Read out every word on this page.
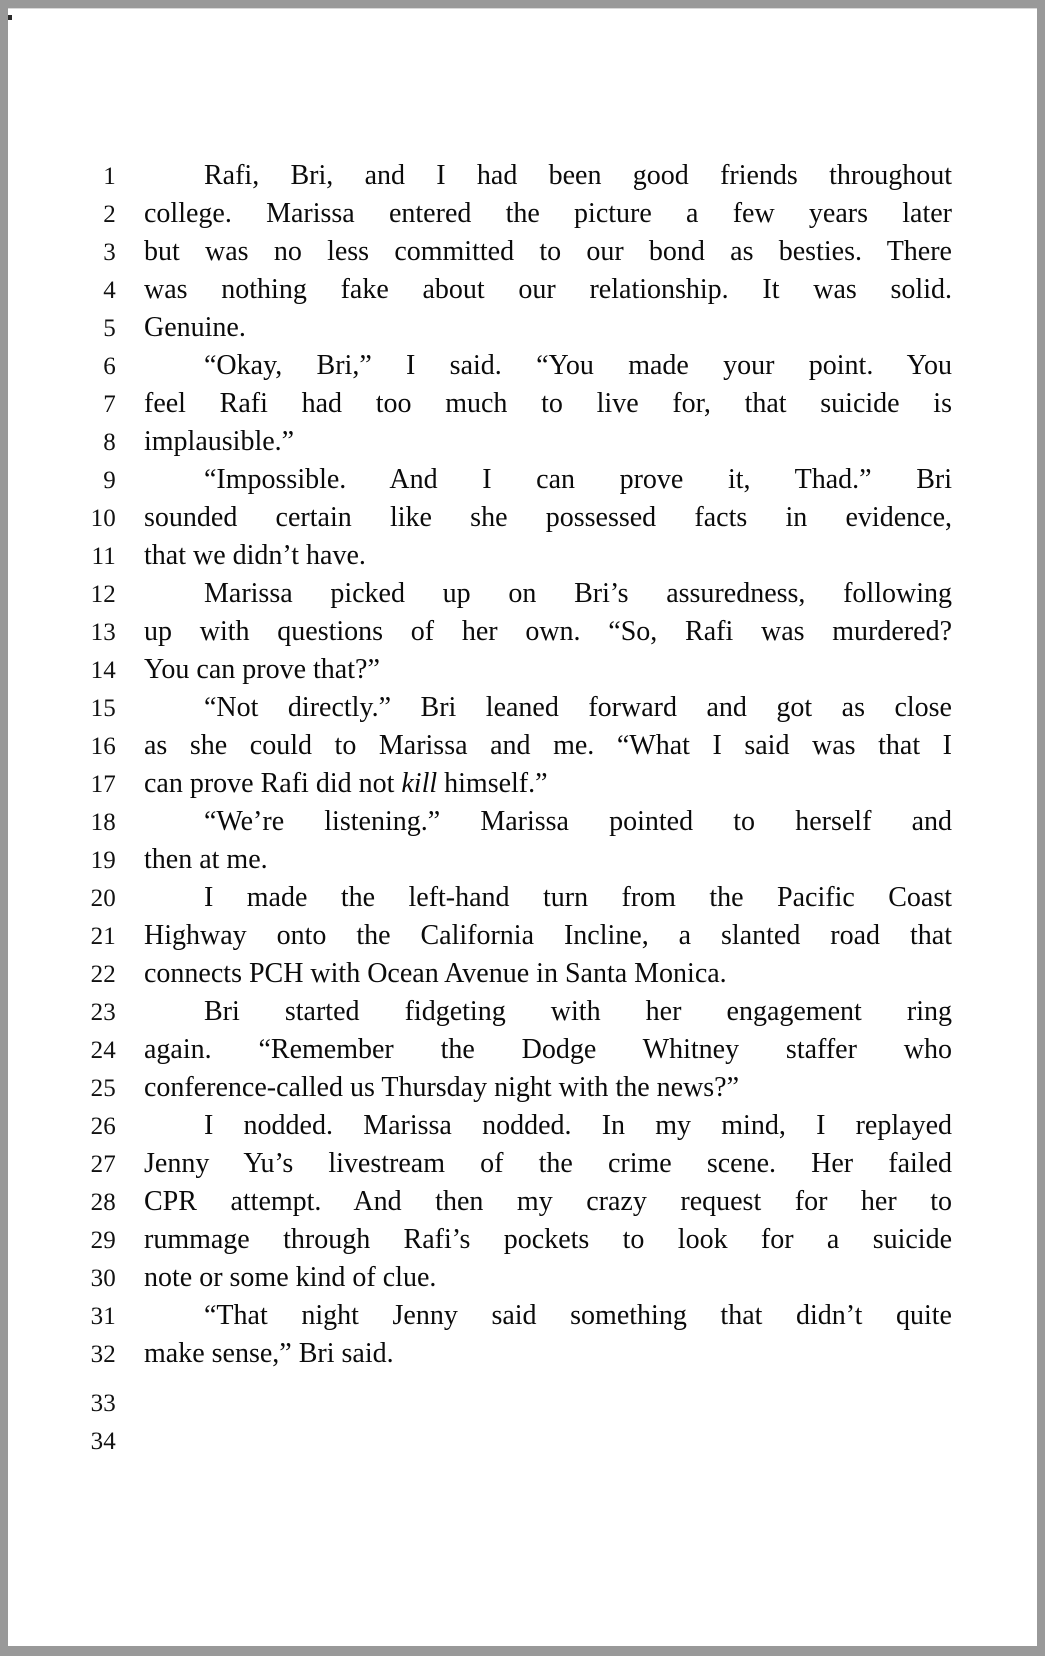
1	Rafi, Bri, and I had been good friends throughout
2 college. Marissa entered the picture a few years later
3 but was no less committed to our bond as besties. There
4 was nothing fake about our relationship. It was solid.
5 Genuine.
6	“Okay, Bri,” I said. “You made your point. You
7 feel Rafi had too much to live for, that suicide is
8 implausible.”
9	“Impossible. And I can prove it, Thad.” Bri
10 sounded certain like she possessed facts in evidence,
11 that we didn’t have.
12	Marissa picked up on Bri’s assuredness, following
13 up with questions of her own. “So, Rafi was murdered?
14 You can prove that?”
15	“Not directly.” Bri leaned forward and got as close
16 as she could to Marissa and me. “What I said was that I
17 can prove Rafi did not kill himself.”
18	“We’re listening.” Marissa pointed to herself and
19 then at me.
20	I made the left-hand turn from the Pacific Coast
21 Highway onto the California Incline, a slanted road that
22 connects PCH with Ocean Avenue in Santa Monica.
23	Bri started fidgeting with her engagement ring
24 again. “Remember the Dodge Whitney staffer who
25 conference-called us Thursday night with the news?”
26	I nodded. Marissa nodded. In my mind, I replayed
27 Jenny Yu’s livestream of the crime scene. Her failed
28 CPR attempt. And then my crazy request for her to
29 rummage through Rafi’s pockets to look for a suicide
30 note or some kind of clue.
31	“That night Jenny said something that didn’t quite
32 make sense,” Bri said.
33
34
